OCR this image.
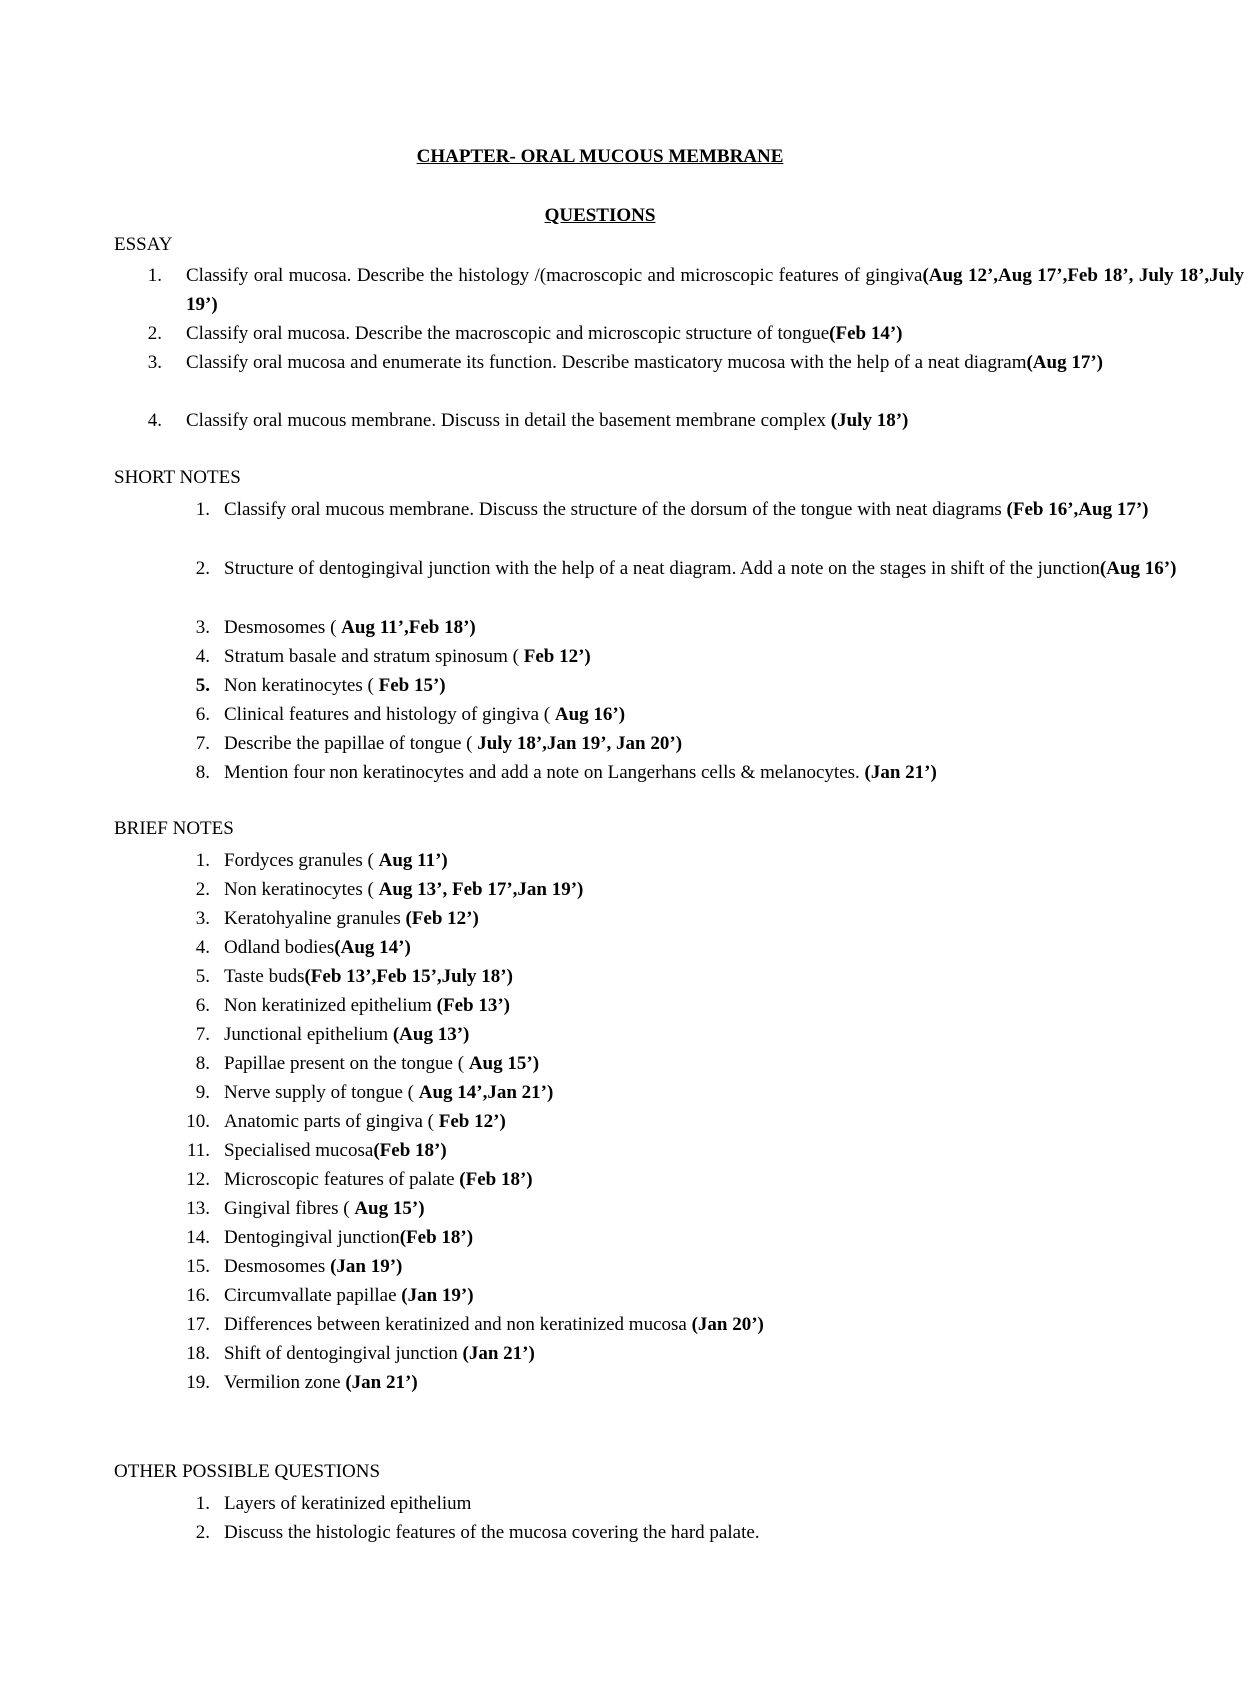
CHAPTER- ORAL MUCOUS MEMBRANE
QUESTIONS
ESSAY
1. Classify oral mucosa. Describe the histology /(macroscopic and microscopic features of gingiva(Aug 12’,Aug 17’,Feb 18’, July 18’,July 19’)
2. Classify oral mucosa. Describe the macroscopic and microscopic structure of tongue(Feb 14’)
3. Classify oral mucosa and enumerate its function. Describe masticatory mucosa with the help of a neat diagram(Aug 17’)
4. Classify oral mucous membrane. Discuss in detail the basement membrane complex (July 18’)
SHORT NOTES
1. Classify oral mucous membrane. Discuss the structure of the dorsum of the tongue with neat diagrams (Feb 16’,Aug 17’)
2. Structure of dentogingival junction with the help of a neat diagram. Add a note on the stages in shift of the junction(Aug 16’)
3. Desmosomes ( Aug 11’,Feb 18’)
4. Stratum basale and stratum spinosum ( Feb 12’)
5. Non keratinocytes ( Feb 15’)
6. Clinical features and histology of gingiva ( Aug 16’)
7. Describe the papillae of tongue ( July 18’,Jan 19’, Jan 20’)
8. Mention four non keratinocytes and add a note on Langerhans cells & melanocytes. (Jan 21’)
BRIEF NOTES
1. Fordyces granules ( Aug 11’)
2. Non keratinocytes ( Aug 13’, Feb 17’,Jan 19’)
3. Keratohyaline granules (Feb 12’)
4. Odland bodies(Aug 14’)
5. Taste buds(Feb 13’,Feb 15’,July 18’)
6. Non keratinized epithelium (Feb 13’)
7. Junctional epithelium (Aug 13’)
8. Papillae present on the tongue ( Aug 15’)
9. Nerve supply of tongue ( Aug 14’,Jan 21’)
10. Anatomic parts of gingiva ( Feb 12’)
11. Specialised mucosa(Feb 18’)
12. Microscopic features of palate (Feb 18’)
13. Gingival fibres ( Aug 15’)
14. Dentogingival junction(Feb 18’)
15. Desmosomes (Jan 19’)
16. Circumvallate papillae (Jan 19’)
17. Differences between keratinized and non keratinized mucosa (Jan 20’)
18. Shift of dentogingival junction (Jan 21’)
19. Vermilion zone (Jan 21’)
OTHER POSSIBLE QUESTIONS
1. Layers of keratinized epithelium
2. Discuss the histologic features of the mucosa covering the hard palate.
